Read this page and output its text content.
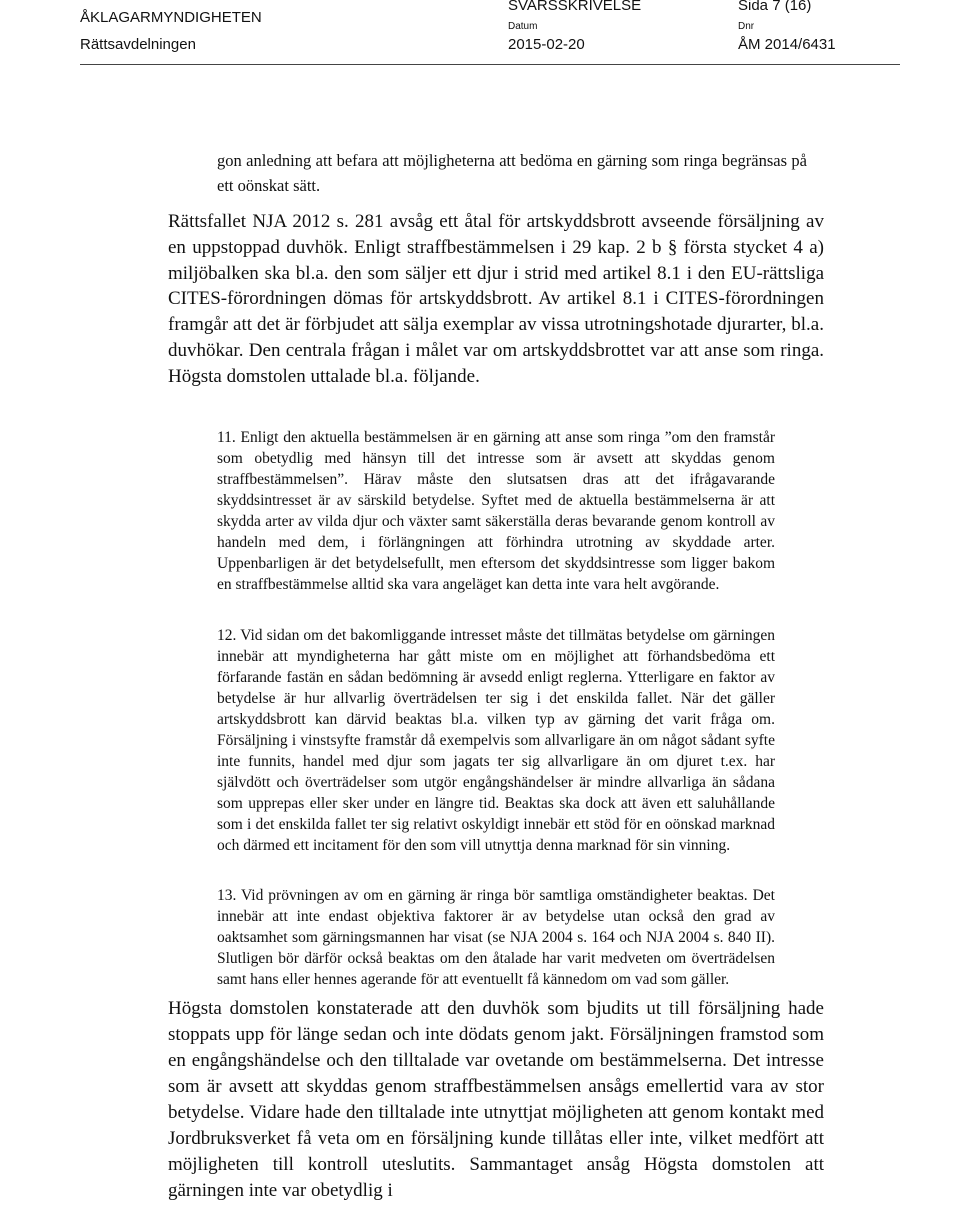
ÅKLAGARMYNDIGHETEN
Rättsavdelningen
SVARSSKRIVELSE	Sida 7 (16)
Datum
2015-02-20
Dnr
ÅM 2014/6431

gon anledning att befara att möjligheterna att bedöma en gärning som ringa begränsas på ett oönskat sätt.

Rättsfallet NJA 2012 s. 281 avsåg ett åtal för artskyddsbrott avseende försäljning av en uppstoppad duvhök. Enligt straffbestämmelsen i 29 kap. 2 b § första stycket 4 a) miljöbalken ska bl.a. den som säljer ett djur i strid med artikel 8.1 i den EU-rättsliga CITES-förordningen dömas för artskyddsbrott. Av artikel 8.1 i CITES-förordningen framgår att det är förbjudet att sälja exemplar av vissa utrotningshotade djurarter, bl.a. duvhökar. Den centrala frågan i målet var om artskyddsbrottet var att anse som ringa. Högsta domstolen uttalade bl.a. följande.

11. Enligt den aktuella bestämmelsen är en gärning att anse som ringa ”om den framstår som obetydlig med hänsyn till det intresse som är avsett att skyddas genom straffbestämmelsen”. Härav måste den slutsatsen dras att det ifrågavarande skyddsintresset är av särskild betydelse. Syftet med de aktuella bestämmelserna är att skydda arter av vilda djur och växter samt säkerställa deras bevarande genom kontroll av handeln med dem, i förlängningen att förhindra utrotning av skyddade arter. Uppenbarligen är det betydelsefullt, men eftersom det skyddsintresse som ligger bakom en straffbestämmelse alltid ska vara angeläget kan detta inte vara helt avgörande.

12. Vid sidan om det bakomliggande intresset måste det tillmätas betydelse om gärningen innebär att myndigheterna har gått miste om en möjlighet att förhandsbedöma ett förfarande fastän en sådan bedömning är avsedd enligt reglerna. Ytterligare en faktor av betydelse är hur allvarlig överträdelsen ter sig i det enskilda fallet. När det gäller artskyddsbrott kan därvid beaktas bl.a. vilken typ av gärning det varit fråga om. Försäljning i vinstsyfte framstår då exempelvis som allvarligare än om något sådant syfte inte funnits, handel med djur som jagats ter sig allvarligare än om djuret t.ex. har självdött och överträdelser som utgör engångshändelser är mindre allvarliga än sådana som upprepas eller sker under en längre tid. Beaktas ska dock att även ett saluhållande som i det enskilda fallet ter sig relativt oskyldigt innebär ett stöd för en oönskad marknad och därmed ett incitament för den som vill utnyttja denna marknad för sin vinning.

13. Vid prövningen av om en gärning är ringa bör samtliga omständigheter beaktas. Det innebär att inte endast objektiva faktorer är av betydelse utan också den grad av oaktsamhet som gärningsmannen har visat (se NJA 2004 s. 164 och NJA 2004 s. 840 II). Slutligen bör därför också beaktas om den åtalade har varit medveten om överträdelsen samt hans eller hennes agerande för att eventuellt få kännedom om vad som gäller.

Högsta domstolen konstaterade att den duvhök som bjudits ut till försäljning hade stoppats upp för länge sedan och inte dödats genom jakt. Försäljningen framstod som en engångshändelse och den tilltalade var ovetande om bestämmelserna. Det intresse som är avsett att skyddas genom straffbestämmelsen ansågs emellertid vara av stor betydelse. Vidare hade den tilltalade inte utnyttjat möjligheten att genom kontakt med Jordbruksverket få veta om en försäljning kunde tillåtas eller inte, vilket medfört att möjligheten till kontroll uteslutits. Sammantaget ansåg Högsta domstolen att gärningen inte var obetydlig i
